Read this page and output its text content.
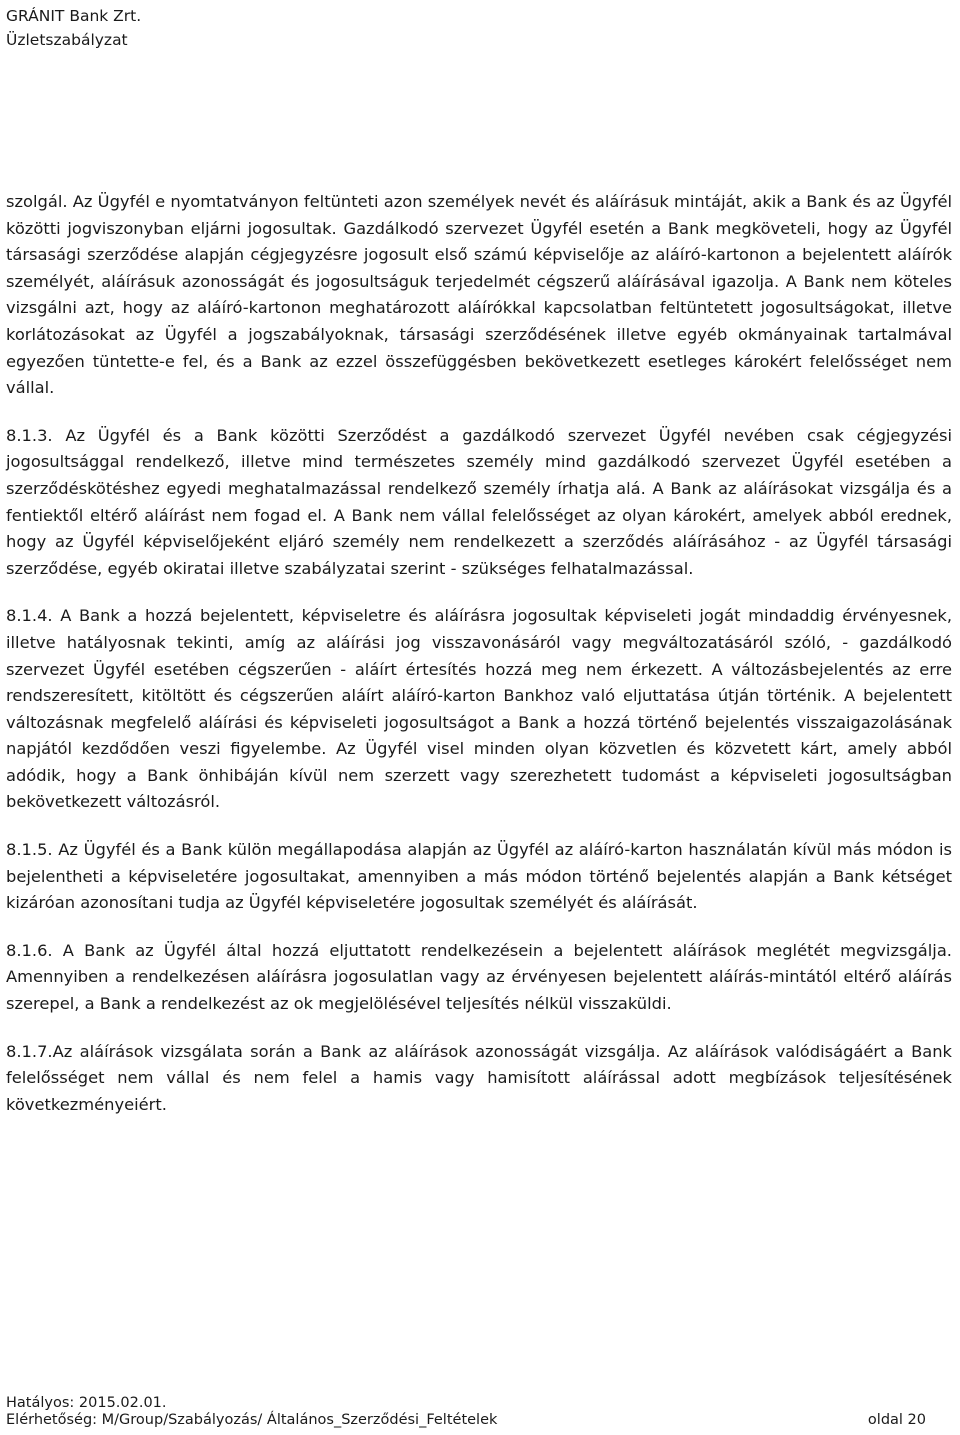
GRÁNIT Bank Zrt.
Üzletszabályzat

szolgál. Az Ügyfél e nyomtatványon feltünteti azon személyek nevét és aláírásuk mintáját, akik a Bank és az Ügyfél közötti jogviszonyban eljárni jogosultak. Gazdálkodó szervezet Ügyfél esetén a Bank megköveteli, hogy az Ügyfél társasági szerződése alapján cégjegyzésre jogosult első számú képviselője az aláíró-kartonon a bejelentett aláírók személyét, aláírásuk azonosságát és jogosultságuk terjedelmét cégszerű aláírásával igazolja. A Bank nem köteles vizsgálni azt, hogy az aláíró-kartonon meghatározott aláírókkal kapcsolatban feltüntetett jogosultságokat, illetve korlátozásokat az Ügyfél a jogszabályoknak, társasági szerződésének illetve egyéb okmányainak tartalmával egyezően tüntette-e fel, és a Bank az ezzel összefüggésben bekövetkezett esetleges károkért felelősséget nem vállal.

8.1.3. Az Ügyfél és a Bank közötti Szerződést a gazdálkodó szervezet Ügyfél nevében csak cégjegyzési jogosultsággal rendelkező, illetve mind természetes személy mind gazdálkodó szervezet Ügyfél esetében a szerződéskötéshez egyedi meghatalmazással rendelkező személy írhatja alá. A Bank az aláírásokat vizsgálja és a fentiektől eltérő aláírást nem fogad el. A Bank nem vállal felelősséget az olyan károkért, amelyek abból erednek, hogy az Ügyfél képviselőjeként eljáró személy nem rendelkezett a szerződés aláírásához - az Ügyfél társasági szerződése, egyéb okiratai illetve szabályzatai szerint - szükséges felhatalmazással.

8.1.4. A Bank a hozzá bejelentett, képviseletre és aláírásra jogosultak képviseleti jogát mindaddig érvényesnek, illetve hatályosnak tekinti, amíg az aláírási jog visszavonásáról vagy megváltozatásáról szóló, - gazdálkodó szervezet Ügyfél esetében cégszerűen - aláírt értesítés hozzá meg nem érkezett. A változásbejelentés az erre rendszeresített, kitöltött és cégszerűen aláírt aláíró-karton Bankhoz való eljuttatása útján történik. A bejelentett változásnak megfelelő aláírási és képviseleti jogosultságot a Bank a hozzá történő bejelentés visszaigazolásának napjától kezdődően veszi figyelembe. Az Ügyfél visel minden olyan közvetlen és közvetett kárt, amely abból adódik, hogy a Bank önhibáján kívül nem szerzett vagy szerezhetett tudomást a képviseleti jogosultságban bekövetkezett változásról.

8.1.5. Az Ügyfél és a Bank külön megállapodása alapján az Ügyfél az aláíró-karton használatán kívül más módon is bejelentheti a képviseletére jogosultakat, amennyiben a más módon történő bejelentés alapján a Bank kétséget kizáróan azonosítani tudja az Ügyfél képviseletére jogosultak személyét és aláírását.

8.1.6. A Bank az Ügyfél által hozzá eljuttatott rendelkezésein a bejelentett aláírások meglétét megvizsgálja. Amennyiben a rendelkezésen aláírásra jogosulatlan vagy az érvényesen bejelentett aláírás-mintától eltérő aláírás szerepel, a Bank a rendelkezést az ok megjelölésével teljesítés nélkül visszaküldi.

8.1.7.Az aláírások vizsgálata során a Bank az aláírások azonosságát vizsgálja. Az aláírások valódiságáért a Bank felelősséget nem vállal és nem felel a hamis vagy hamisított aláírással adott megbízások teljesítésének következményeiért.

Hatályos: 2015.02.01.
Elérhetőség: M/Group/Szabályozás/ Általános_Szerződési_Feltételek	oldal 20
